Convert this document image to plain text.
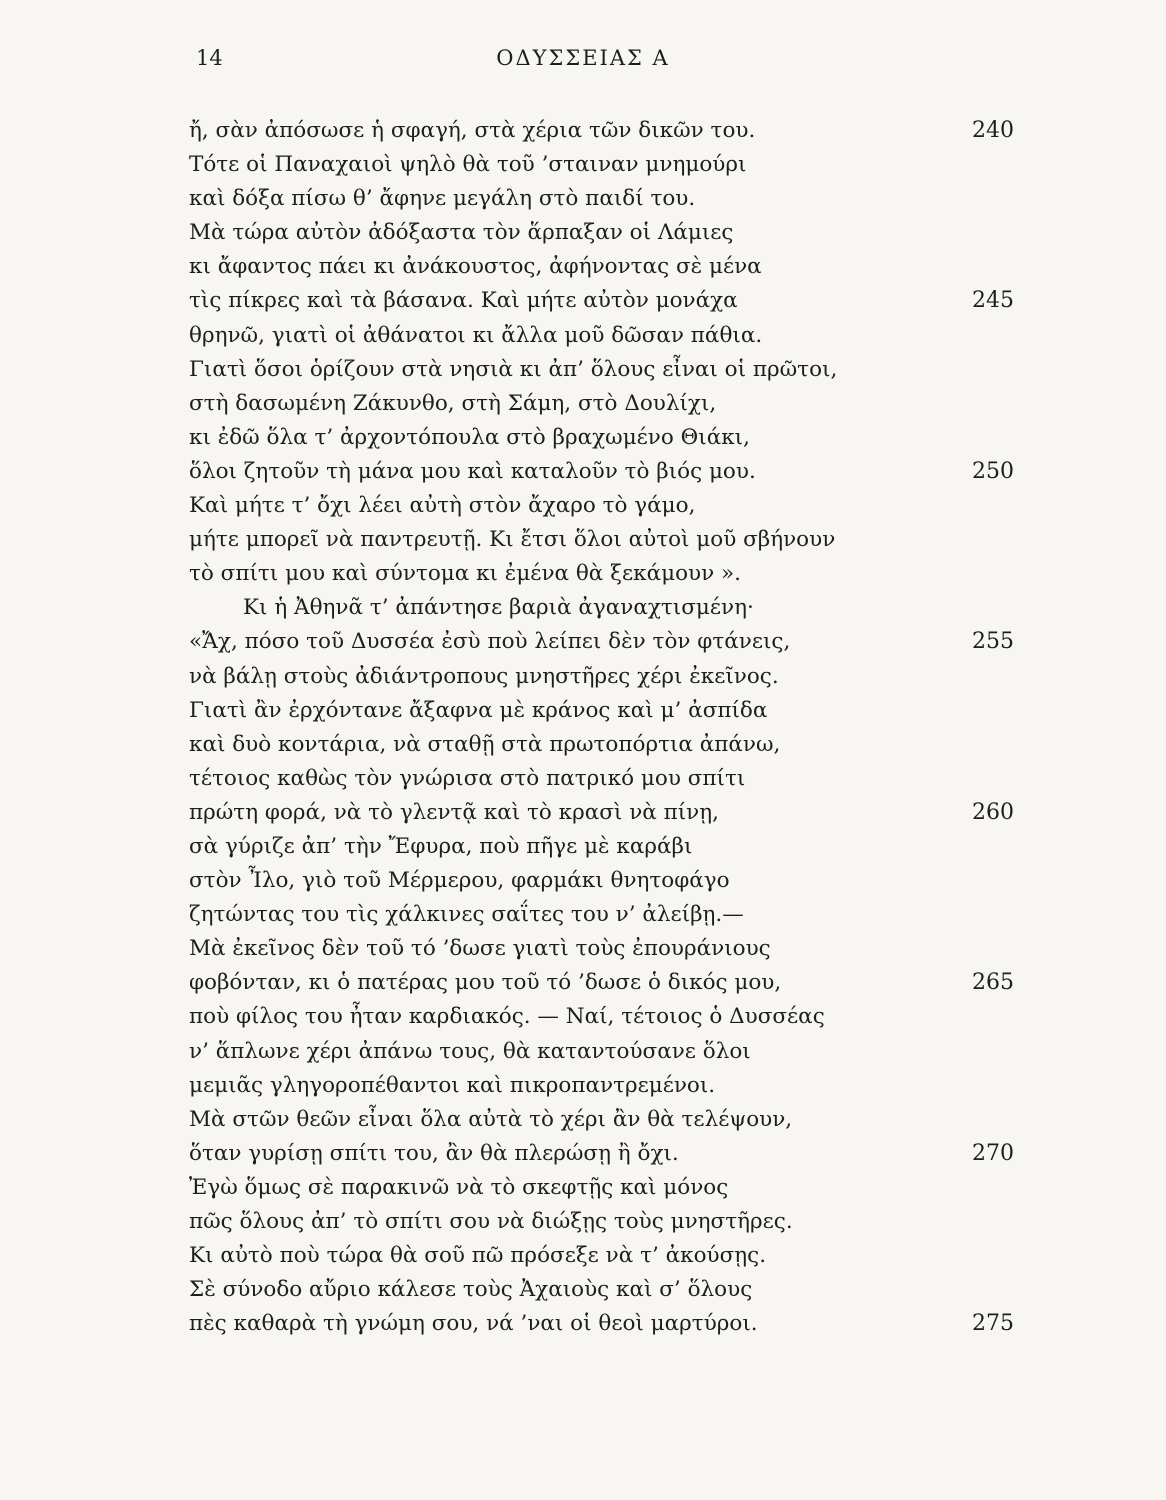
14	ΟΔΥΣΣΕΙΑΣ Α
ἤ, σὰν ἀπόσωσε ἡ σφαγή, στὰ χέρια τῶν δικῶν του.	240
Τότε οἱ Παναχαιοὶ ψηλὸ θὰ τοῦ ’σταιναν μνημούρι
καὶ δόξα πίσω θ’ ἄφηνε μεγάλη στὸ παιδί του.
Μὰ τώρα αὐτὸν ἀδόξαστα τὸν ἅρπαξαν οἱ Λάμιες
κι ἄφαντος πάει κι ἀνάκουστος, ἀφήνοντας σὲ μένα
τὶς πίκρες καὶ τὰ βάσανα. Καὶ μήτε αὐτὸν μονάχα	245
θρηνῶ, γιατὶ οἱ ἀθάνατοι κι ἄλλα μοῦ δῶσαν πάθια.
Γιατὶ ὅσοι ὁρίζουν στὰ νησιὰ κι ἀπ’ ὅλους εἶναι οἱ πρῶτοι,
στὴ δασωμένη Ζάκυνθο, στὴ Σάμη, στὸ Δουλίχι,
κι ἐδῶ ὅλα τ’ ἀρχοντόπουλα στὸ βραχωμένο Θιάκι,
ὅλοι ζητοῦν τὴ μάνα μου καὶ καταλοῦν τὸ βιός μου.	250
Καὶ μήτε τ’ ὄχι λέει αὐτὴ στὸν ἄχαρο τὸ γάμο,
μήτε μπορεῖ νὰ παντρευτῇ. Κι ἔτσι ὅλοι αὐτοὶ μοῦ σβήνουν
τὸ σπίτι μου καὶ σύντομα κι ἐμένα θὰ ξεκάμουν ».
Κι ἡ Ἀθηνᾶ τ’ ἀπάντησε βαριὰ ἀγαναχτισμένη·
«Ἄχ, πόσο τοῦ Δυσσέα ἐσὺ ποὺ λείπει δὲν τὸν φτάνεις,	255
νὰ βάλῃ στοὺς ἀδιάντροπους μνηστῆρες χέρι ἐκεῖνος.
Γιατὶ ἂν ἐρχόντανε ἄξαφνα μὲ κράνος καὶ μ’ ἀσπίδα
καὶ δυὸ κοντάρια, νὰ σταθῇ στὰ πρωτοπόρτια ἀπάνω,
τέτοιος καθὼς τὸν γνώρισα στὸ πατρικό μου σπίτι
πρώτη φορά, νὰ τὸ γλεντᾷ καὶ τὸ κρασὶ νὰ πίνῃ,	260
σὰ γύριζε ἀπ’ τὴν Ἔφυρα, ποὺ πῆγε μὲ καράβι
στὸν Ἶλο, γιὸ τοῦ Μέρμερου, φαρμάκι θνητοφάγο
ζητώντας του τὶς χάλκινες σαΐτες του ν’ ἀλείβῃ.—
Μὰ ἐκεῖνος δὲν τοῦ τό ’δωσε γιατὶ τοὺς ἐπουράνιους
φοβόνταν, κι ὁ πατέρας μου τοῦ τό ’δωσε ὁ δικός μου,	265
ποὺ φίλος του ἦταν καρδιακός. — Ναί, τέτοιος ὁ Δυσσέας
ν’ ἅπλωνε χέρι ἀπάνω τους, θὰ καταντούσανε ὅλοι
μεμιᾶς γληγοροπέθαντοι καὶ πικροπαντρεμένοι.
Μὰ στῶν θεῶν εἶναι ὅλα αὐτὰ τὸ χέρι ἂν θὰ τελέψουν,
ὅταν γυρίσῃ σπίτι του, ἂν θὰ πλερώσῃ ἢ ὄχι.	270
Ἐγὼ ὅμως σὲ παρακινῶ νὰ τὸ σκεφτῇς καὶ μόνος
πῶς ὅλους ἀπ’ τὸ σπίτι σου νὰ διώξῃς τοὺς μνηστῆρες.
Κι αὐτὸ ποὺ τώρα θὰ σοῦ πῶ πρόσεξε νὰ τ’ ἀκούσῃς.
Σὲ σύνοδο αὔριο κάλεσε τοὺς Ἀχαιοὺς καὶ σ’ ὅλους
πὲς καθαρὰ τὴ γνώμη σου, νά ’ναι οἱ θεοὶ μαρτύροι.	275
